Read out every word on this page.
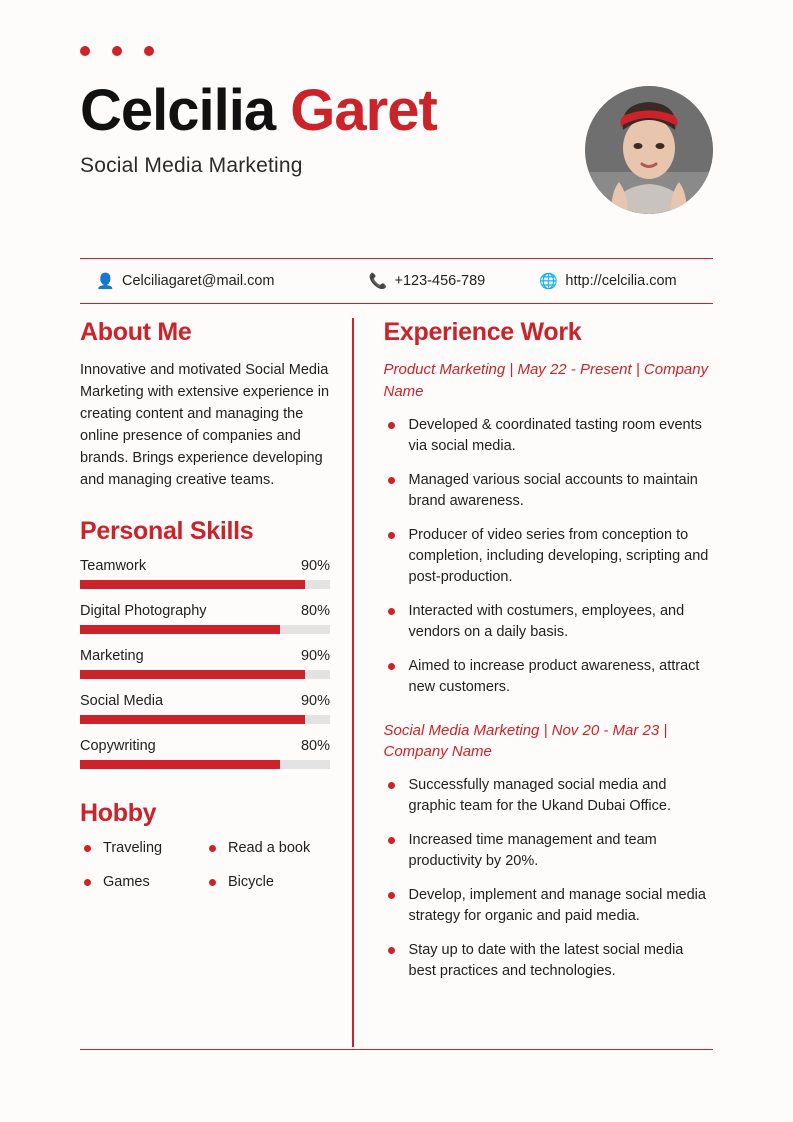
Celcilia Garet
Social Media Marketing
👤 Celciliagaret@mail.com	📞 +123-456-789	🌐 http://celcilia.com
About Me

Innovative and motivated Social Media Marketing with extensive experience in creating content and managing the online presence of companies and brands. Brings experience developing and managing creative teams.

Personal Skills
Teamwork	90%
Digital Photography	80%
Marketing	90%
Social Media	90%
Copywriting	80%
Hobby
Traveling	Read a book
Games	Bicycle
Experience Work
Product Marketing | May 22 - Present | Company Name
Developed & coordinated tasting room events via social media.
Managed various social accounts to maintain brand awareness.
Producer of video series from conception to completion, including developing, scripting and post-production.
Interacted with costumers, employees, and vendors on a daily basis.
Aimed to increase product awareness, attract new customers.
Social Media Marketing | Nov 20 - Mar 23 | Company Name
Successfully managed social media and graphic team for the Ukand Dubai Office.
Increased time management and team productivity by 20%.
Develop, implement and manage social media strategy for organic and paid media.
Stay up to date with the latest social media best practices and technologies.
